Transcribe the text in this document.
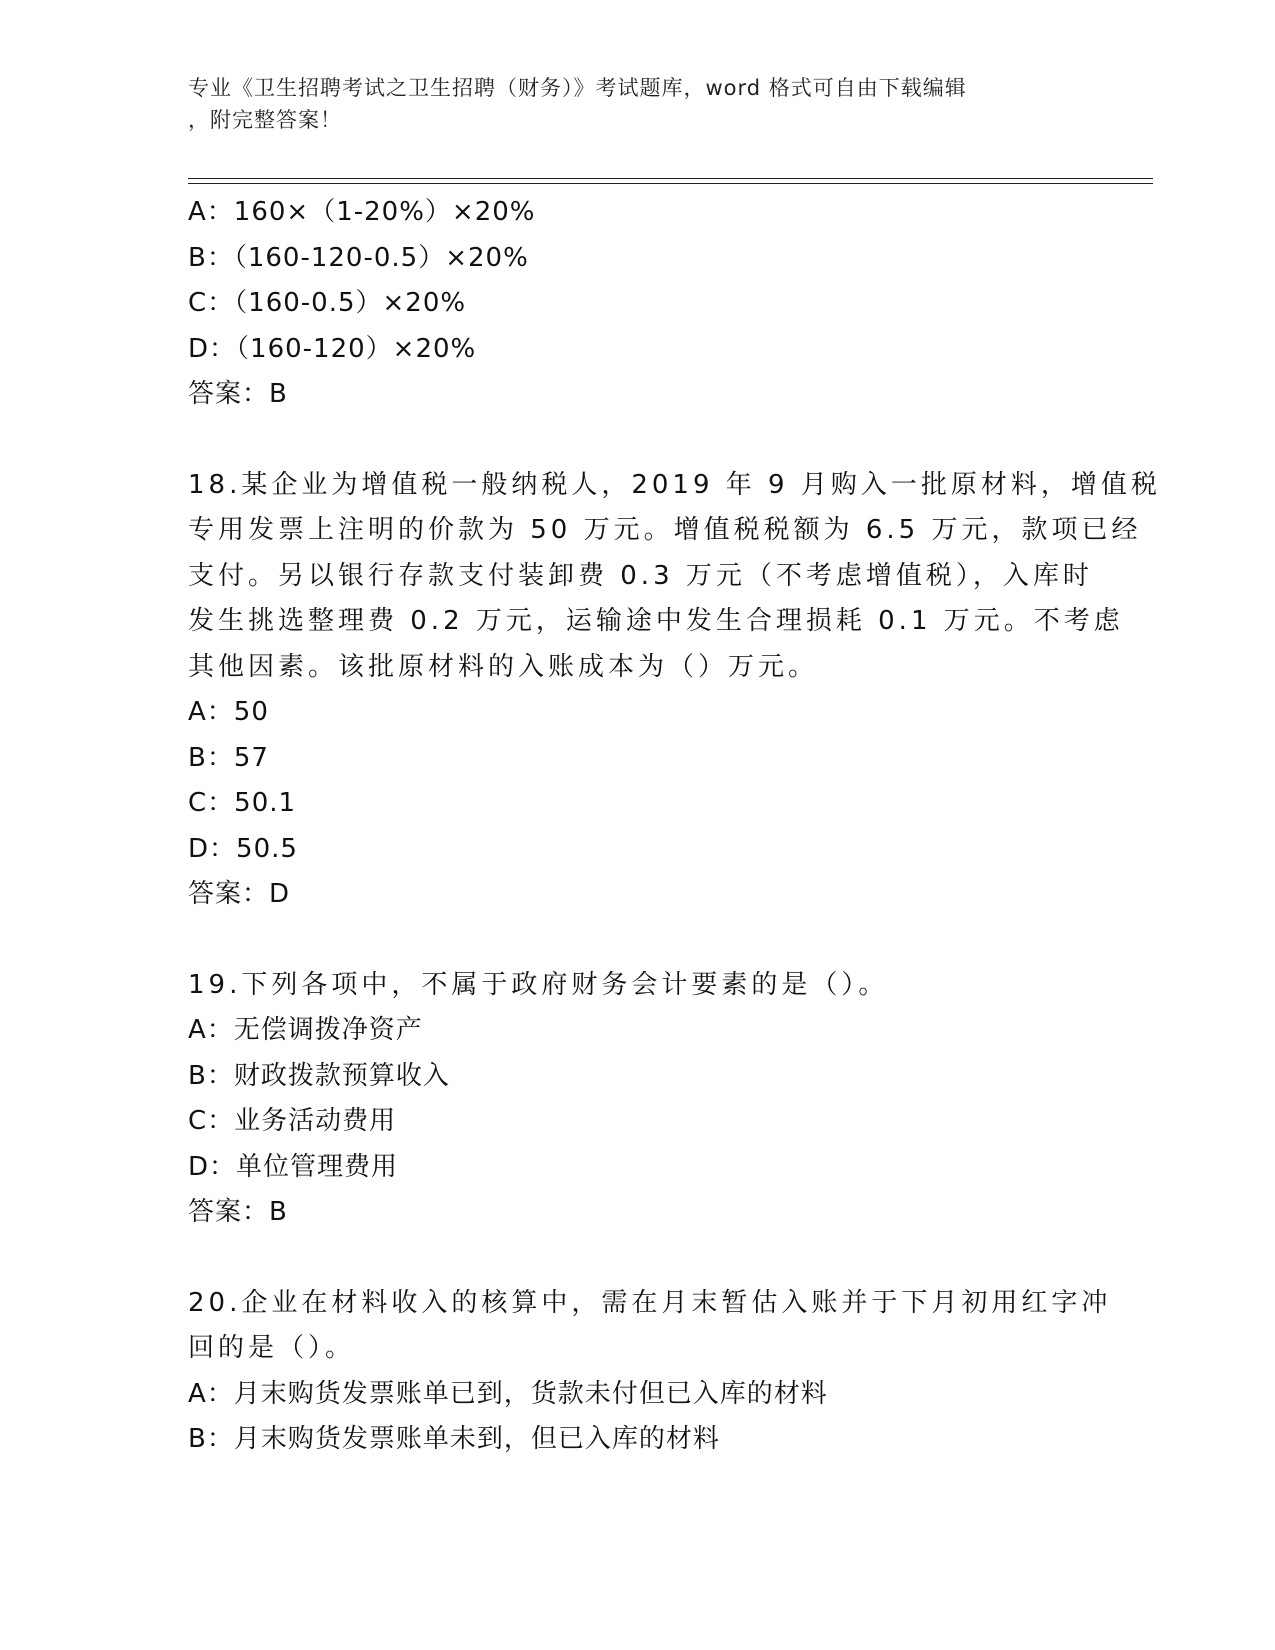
专业《卫生招聘考试之卫生招聘（财务）》考试题库，word 格式可自由下载编辑
，附完整答案！
A：160×（1-20%）×20%
B：（160-120-0.5）×20%
C：（160-0.5）×20%
D：（160-120）×20%
答案：B
18.某企业为增值税一般纳税人，2019 年 9 月购入一批原材料，增值税
专用发票上注明的价款为 50 万元。增值税税额为 6.5 万元，款项已经
支付。另以银行存款支付装卸费 0.3 万元（不考虑增值税），入库时
发生挑选整理费 0.2 万元，运输途中发生合理损耗 0.1 万元。不考虑
其他因素。该批原材料的入账成本为（）万元。
A：50
B：57
C：50.1
D：50.5
答案：D
19.下列各项中，不属于政府财务会计要素的是（）。
A：无偿调拨净资产
B：财政拨款预算收入
C：业务活动费用
D：单位管理费用
答案：B
20.企业在材料收入的核算中，需在月末暂估入账并于下月初用红字冲
回的是（）。
A：月末购货发票账单已到，货款未付但已入库的材料
B：月末购货发票账单未到，但已入库的材料
